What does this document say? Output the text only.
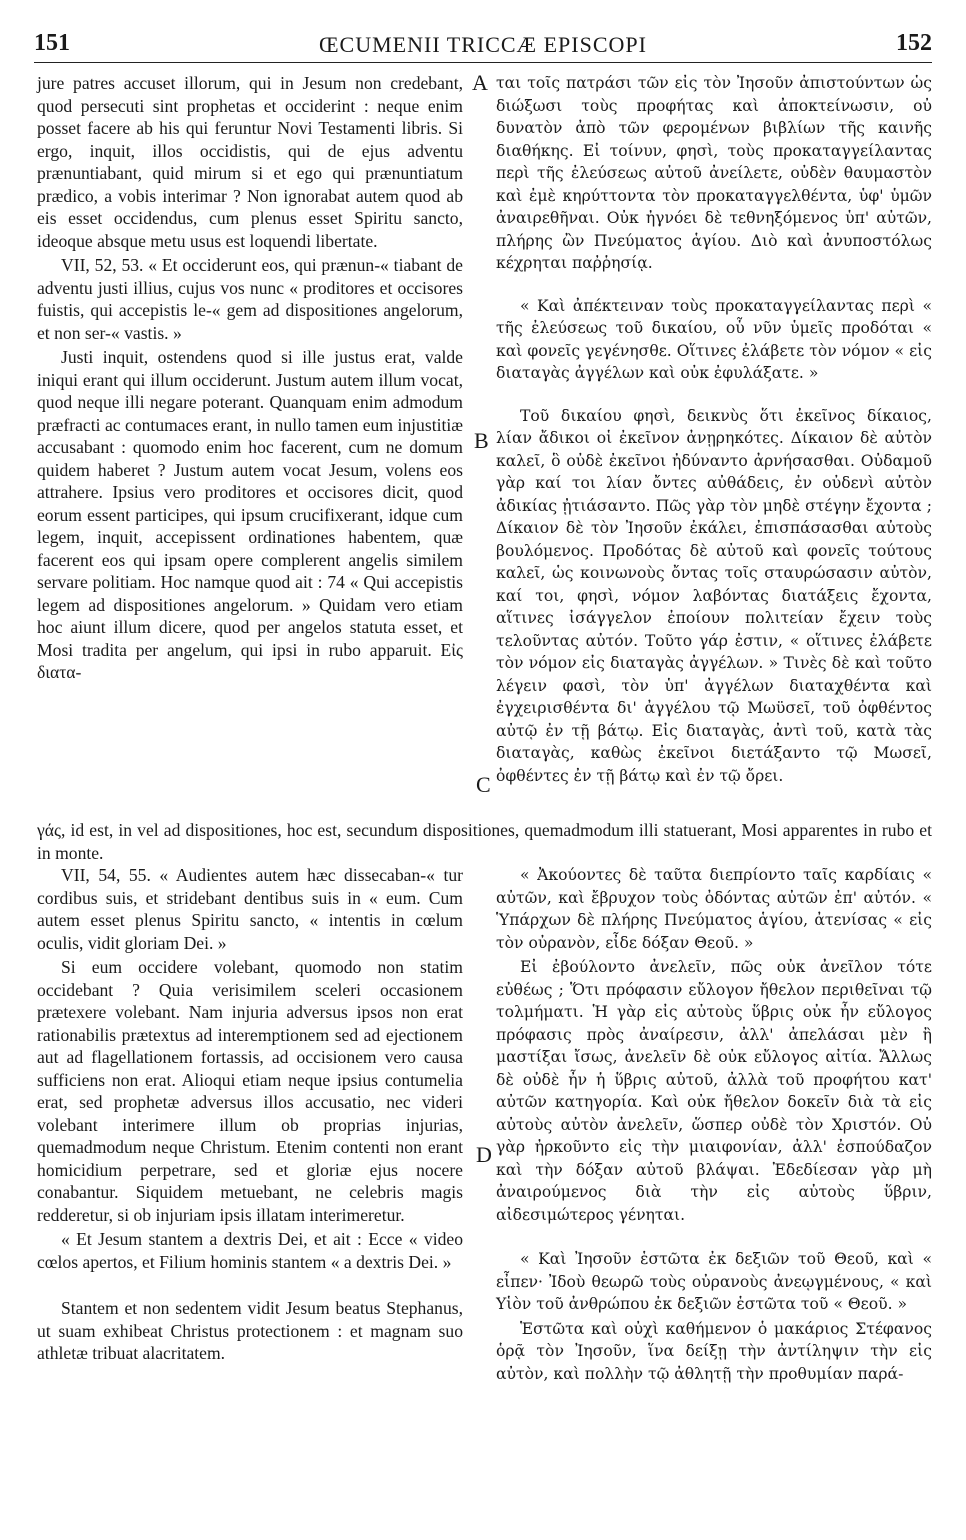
151	ŒCUMENII TRICCÆ EPISCOPI	152

jure patres accuset illorum, qui in Jesum non credebant, quod persecuti sint prophetas et occiderint : neque enim posset facere ab his qui feruntur Novi Testamenti libris. Si ergo, inquit, illos occidistis, qui de ejus adventu prænuntiabant, quid mirum si et ego qui prænuntiatum prædico, a vobis interimar ? Non ignorabat autem quod ab eis esset occidendus, cum plenus esset Spiritu sancto, ideoque absque metu usus est loquendi libertate.

VII, 52, 53. « Et occiderunt eos, qui prænun-« tiabant de adventu justi illius, cujus vos nunc « proditores et occisores fuistis, qui accepistis le-« gem ad dispositiones angelorum, et non ser-« vastis. »

Justi inquit, ostendens quod si ille justus erat, valde iniqui erant qui illum occiderunt. Justum autem illum vocat, quod neque illi negare poterant. Quanquam enim admodum præfracti ac contumaces erant, in nullo tamen eum injustitiæ accusabant : quomodo enim hoc facerent, cum ne domum quidem haberet ? Justum autem vocat Jesum, volens eos attrahere. Ipsius vero proditores et occisores dicit, quod eorum essent participes, qui ipsum crucifixerant, idque cum legem, inquit, accepissent ordinationes habentem, quæ facerent eos qui ipsam opere complerent angelis similem servare politiam. Hoc namque quod ait : 74 « Qui accepistis legem ad dispositiones angelorum. » Quidam vero etiam hoc aiunt illum dicere, quod per angelos statuta esset, et Mosi tradita per angelum, qui ipsi in rubo apparuit. Εἰς διατα-

ται τοῖς πατράσι τῶν εἰς τὸν Ἰησοῦν ἀπιστούντων ὡς διώξωσι τοὺς προφήτας καὶ ἀποκτείνωσιν, οὐ δυνατὸν ἀπὸ τῶν φερομένων βιβλίων τῆς καινῆς διαθήκης. Εἰ τοίνυν, φησὶ, τοὺς προκαταγγείλαντας περὶ τῆς ἐλεύσεως αὐτοῦ ἀνείλετε, οὐδὲν θαυμαστὸν καὶ ἐμὲ κηρύττοντα τὸν προκαταγγελθέντα, ὑφ' ὑμῶν ἀναιρεθῆναι. Οὐκ ἠγνόει δὲ τεθνηξόμενος ὑπ' αὐτῶν, πλήρης ὢν Πνεύματος ἁγίου. Διὸ καὶ ἀνυποστόλως κέχρηται παῤῥησίᾳ.

« Καὶ ἀπέκτειναν τοὺς προκαταγγείλαντας περὶ « τῆς ἐλεύσεως τοῦ δικαίου, οὗ νῦν ὑμεῖς προδόται « καὶ φονεῖς γεγένησθε. Οἵτινες ἐλάβετε τὸν νόμον « εἰς διαταγὰς ἀγγέλων καὶ οὐκ ἐφυλάξατε. »

Τοῦ δικαίου φησὶ, δεικνὺς ὅτι ἐκεῖνος δίκαιος, λίαν ἄδικοι οἱ ἐκεῖνον ἀνῃρηκότες. Δίκαιον δὲ αὐτὸν καλεῖ, ὃ οὐδὲ ἐκεῖνοι ἠδύναντο ἀρνήσασθαι. Οὐδαμοῦ γὰρ καί τοι λίαν ὄντες αὐθάδεις, ἐν οὐδενὶ αὐτὸν ἀδικίας ᾐτιάσαντο. Πῶς γὰρ τὸν μηδὲ στέγην ἔχοντα ; Δίκαιον δὲ τὸν Ἰησοῦν ἐκάλει, ἐπισπάσασθαι αὐτοὺς βουλόμενος. Προδότας δὲ αὐτοῦ καὶ φονεῖς τούτους καλεῖ, ὡς κοινωνοὺς ὄντας τοῖς σταυρώσασιν αὐτὸν, καί τοι, φησὶ, νόμον λαβόντας διατάξεις ἔχοντα, αἵτινες ἰσάγγελον ἐποίουν πολιτείαν ἔχειν τοὺς τελοῦντας αὐτόν. Τοῦτο γάρ ἐστιν, « οἵτινες ἐλάβετε τὸν νόμον εἰς διαταγὰς ἀγγέλων. » Τινὲς δὲ καὶ τοῦτο λέγειν φασὶ, τὸν ὑπ' ἀγγέλων διαταχθέντα καὶ ἐγχειρισθέντα δι' ἀγγέλου τῷ Μωϋσεῖ, τοῦ ὀφθέντος αὐτῷ ἐν τῇ βάτῳ. Εἰς διαταγὰς, ἀντὶ τοῦ, κατὰ τὰς διαταγὰς, καθὼς ἐκεῖνοι διετάξαντο τῷ Μωσεῖ, ὀφθέντες ἐν τῇ βάτῳ καὶ ἐν τῷ ὄρει.

γάς, id est, in vel ad dispositiones, hoc est, secundum dispositiones, quemadmodum illi statuerant, Mosi apparentes in rubo et in monte.

VII, 54, 55. « Audientes autem hæc dissecaban-« tur cordibus suis, et stridebant dentibus suis in « eum. Cum autem esset plenus Spiritu sancto, « intentis in cœlum oculis, vidit gloriam Dei. »

Si eum occidere volebant, quomodo non statim occidebant ? Quia verisimilem sceleri occasionem prætexere volebant. Nam injuria adversus ipsos non erat rationabilis prætextus ad interemptionem sed ad ejectionem aut ad flagellationem fortassis, ad occisionem vero causa sufficiens non erat. Alioqui etiam neque ipsius contumelia erat, sed prophetæ adversus illos accusatio, nec videri volebant interimere illum ob proprias injurias, quemadmodum neque Christum. Etenim contenti non erant homicidium perpetrare, sed et gloriæ ejus nocere conabantur. Siquidem metuebant, ne celebris magis redderetur, si ob injuriam ipsis illatam interimeretur.

« Et Jesum stantem a dextris Dei, et ait : Ecce « video cœlos apertos, et Filium hominis stantem « a dextris Dei. »

Stantem et non sedentem vidit Jesum beatus Stephanus, ut suam exhibeat Christus protectionem : et magnam suo athletæ tribuat alacritatem.

« Ἀκούοντες δὲ ταῦτα διεπρίοντο ταῖς καρδίαις « αὐτῶν, καὶ ἔβρυχον τοὺς ὀδόντας αὐτῶν ἐπ' αὐτόν. « Ὑπάρχων δὲ πλήρης Πνεύματος ἁγίου, ἀτενίσας « εἰς τὸν οὐρανὸν, εἶδε δόξαν Θεοῦ. »

Εἰ ἐβούλοντο ἀνελεῖν, πῶς οὐκ ἀνεῖλον τότε εὐθέως ; Ὅτι πρόφασιν εὔλογον ἤθελον περιθεῖναι τῷ τολμήματι. Ἡ γὰρ εἰς αὐτοὺς ὕβρις οὐκ ἦν εὔλογος πρόφασις πρὸς ἀναίρεσιν, ἀλλ' ἀπελάσαι μὲν ἢ μαστίξαι ἴσως, ἀνελεῖν δὲ οὐκ εὔλογος αἰτία. Ἄλλως δὲ οὐδὲ ἦν ἡ ὕβρις αὐτοῦ, ἀλλὰ τοῦ προφήτου κατ' αὐτῶν κατηγορία. Καὶ οὐκ ἤθελον δοκεῖν διὰ τὰ εἰς αὐτοὺς αὐτὸν ἀνελεῖν, ὥσπερ οὐδὲ τὸν Χριστόν. Οὐ γὰρ ἠρκοῦντο εἰς τὴν μιαιφονίαν, ἀλλ' ἐσπούδαζον καὶ τὴν δόξαν αὐτοῦ βλάψαι. Ἐδεδίεσαν γὰρ μὴ ἀναιρούμενος διὰ τὴν εἰς αὐτοὺς ὕβριν, αἰδεσιμώτερος γένηται.

« Καὶ Ἰησοῦν ἑστῶτα ἐκ δεξιῶν τοῦ Θεοῦ, καὶ « εἶπεν· Ἰδοὺ θεωρῶ τοὺς οὐρανοὺς ἀνεῳγμένους, « καὶ Υἱὸν τοῦ ἀνθρώπου ἐκ δεξιῶν ἑστῶτα τοῦ « Θεοῦ. »

Ἑστῶτα καὶ οὐχὶ καθήμενον ὁ μακάριος Στέφανος ὁρᾷ τὸν Ἰησοῦν, ἵνα δείξῃ τὴν ἀντίληψιν τὴν εἰς αὐτὸν, καὶ πολλὴν τῷ ἀθλητῇ τὴν προθυμίαν παρά-

A
B
C
D
